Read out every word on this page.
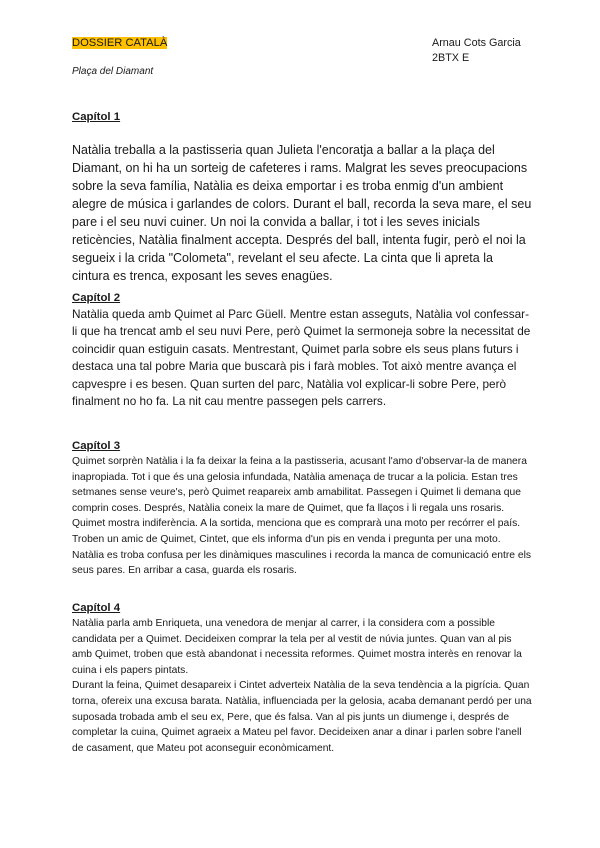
DOSSIER CATALÀ
Plaça del Diamant
Arnau Cots Garcia
2BTX E
Capítol 1

Natàlia treballa a la pastisseria quan Julieta l'encoratja a ballar a la plaça del Diamant, on hi ha un sorteig de cafeteres i rams. Malgrat les seves preocupacions sobre la seva família, Natàlia es deixa emportar i es troba enmig d'un ambient alegre de música i garlandes de colors. Durant el ball, recorda la seva mare, el seu pare i el seu nuvi cuiner. Un noi la convida a ballar, i tot i les seves inicials reticències, Natàlia finalment accepta. Després del ball, intenta fugir, però el noi la segueix i la crida "Colometa", revelant el seu afecte. La cinta que li apreta la cintura es trenca, exposant les seves enagües.

Capítol 2

Natàlia queda amb Quimet al Parc Güell. Mentre estan asseguts, Natàlia vol confessar-li que ha trencat amb el seu nuvi Pere, però Quimet la sermoneja sobre la necessitat de coincidir quan estiguin casats. Mentrestant, Quimet parla sobre els seus plans futurs i destaca una tal pobre Maria que buscarà pis i farà mobles. Tot això mentre avança el capvespre i es besen. Quan surten del parc, Natàlia vol explicar-li sobre Pere, però finalment no ho fa. La nit cau mentre passegen pels carrers.

Capítol 3

Quimet sorprèn Natàlia i la fa deixar la feina a la pastisseria, acusant l'amo d'observar-la de manera inapropiada. Tot i que és una gelosia infundada, Natàlia amenaça de trucar a la policia. Estan tres setmanes sense veure's, però Quimet reapareix amb amabilitat. Passegen i Quimet li demana que comprin coses. Després, Natàlia coneix la mare de Quimet, que fa llaços i li regala uns rosaris. Quimet mostra indiferència. A la sortida, menciona que es comprarà una moto per recórrer el país. Troben un amic de Quimet, Cintet, que els informa d'un pis en venda i pregunta per una moto. Natàlia es troba confusa per les dinàmiques masculines i recorda la manca de comunicació entre els seus pares. En arribar a casa, guarda els rosaris.

Capítol 4

Natàlia parla amb Enriqueta, una venedora de menjar al carrer, i la considera com a possible candidata per a Quimet. Decideixen comprar la tela per al vestit de núvia juntes. Quan van al pis amb Quimet, troben que està abandonat i necessita reformes. Quimet mostra interès en renovar la cuina i els papers pintats.

Durant la feina, Quimet desapareix i Cintet adverteix Natàlia de la seva tendència a la pigrícia. Quan torna, ofereix una excusa barata. Natàlia, influenciada per la gelosia, acaba demanant perdó per una suposada trobada amb el seu ex, Pere, que és falsa. Van al pis junts un diumenge i, després de completar la cuina, Quimet agraeix a Mateu pel favor. Decideixen anar a dinar i parlen sobre l'anell de casament, que Mateu pot aconseguir econòmicament.
